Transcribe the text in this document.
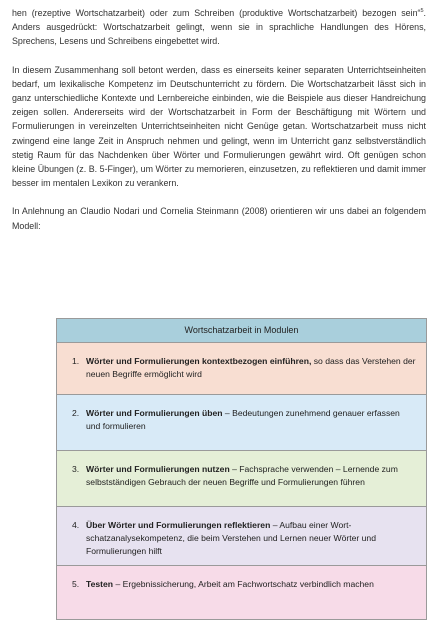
hen (rezeptive Wortschatzarbeit) oder zum Schreiben (produktive Wortschatzarbeit) bezogen sein“$^5$. Anders ausgedrückt: Wortschatzarbeit gelingt, wenn sie in sprachliche Handlungen des Hörens, Sprechens, Lesens und Schreibens eingebettet wird.

In diesem Zusammenhang soll betont werden, dass es einerseits keiner separaten Unterrichtseinheiten bedarf, um lexikalische Kompetenz im Deutschunterricht zu fördern. Die Wortschatzarbeit lässt sich in ganz unterschiedliche Kontexte und Lernbereiche einbinden, wie die Beispiele aus dieser Handreichung zeigen sollen. Andererseits wird der Wortschatzarbeit in Form der Beschäftigung mit Wörtern und Formulierungen in vereinzelten Unterrichtseinheiten nicht Genüge getan. Wortschatzarbeit muss nicht zwingend eine lange Zeit in Anspruch nehmen und gelingt, wenn im Unterricht ganz selbstverständlich stetig Raum für das Nachdenken über Wörter und Formulierungen gewährt wird. Oft genügen schon kleine Übungen (z. B. 5-Finger), um Wörter zu memorieren, einzusetzen, zu reflektieren und damit immer besser im mentalen Lexikon zu verankern.

In Anlehnung an Claudio Nodari und Cornelia Steinmann (2008) orientieren wir uns dabei an folgendem Modell:

Wortschatzarbeit in Modulen
1. Wörter und Formulierungen kontextbezogen einführen, so dass das Verstehen der neuen Begriffe ermöglicht wird
2. Wörter und Formulierungen üben – Bedeutungen zunehmend genauer erfassen und formulieren
3. Wörter und Formulierungen nutzen – Fachsprache verwenden – Lernende zum selbstständigen Gebrauch der neuen Begriffe und Formulierungen führen
4. Über Wörter und Formulierungen reflektieren – Aufbau einer Wortschatzanalysekompetenz, die beim Verstehen und Lernen neuer Wörter und Formulierungen hilft
5. Testen – Ergebnissicherung, Arbeit am Fachwortschatz verbindlich machen
